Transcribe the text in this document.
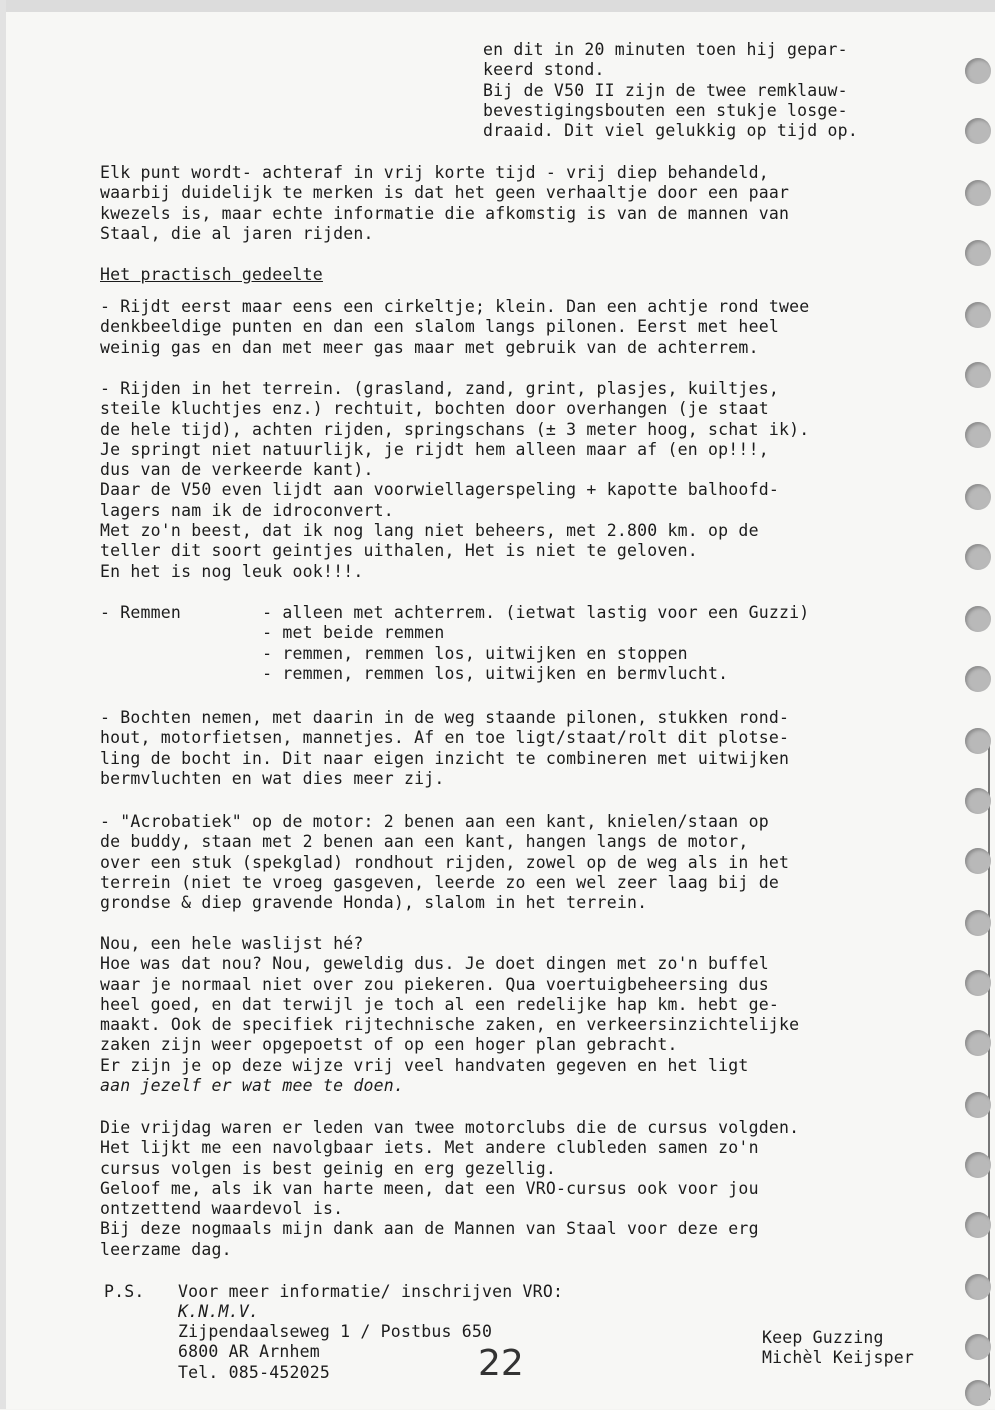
en dit in 20 minuten toen hij gepar-
keerd stond.
Bij de V50 II zijn de twee remklauw-
bevestigingsbouten een stukje losge-
draaid. Dit viel gelukkig op tijd op.

Elk punt wordt- achteraf in vrij korte tijd - vrij diep behandeld,
waarbij duidelijk te merken is dat het geen verhaaltje door een paar
kwezels is, maar echte informatie die afkomstig is van de mannen van
Staal, die al jaren rijden.

Het practisch gedeelte

- Rijdt eerst maar eens een cirkeltje; klein. Dan een achtje rond twee
denkbeeldige punten en dan een slalom langs pilonen. Eerst met heel
weinig gas en dan met meer gas maar met gebruik van de achterrem.

- Rijden in het terrein. (grasland, zand, grint, plasjes, kuiltjes,
steile kluchtjes enz.) rechtuit, bochten door overhangen (je staat
de hele tijd), achten rijden, springschans (± 3 meter hoog, schat ik).
Je springt niet natuurlijk, je rijdt hem alleen maar af (en op!!!,
dus van de verkeerde kant).
Daar de V50 even lijdt aan voorwiellagerspeling + kapotte balhoofd-
lagers nam ik de idroconvert.
Met zo'n beest, dat ik nog lang niet beheers, met 2.800 km. op de
teller dit soort geintjes uithalen, Het is niet te geloven.
En het is nog leuk ook!!!.

- Remmen        - alleen met achterrem. (ietwat lastig voor een Guzzi)
- met beide remmen
- remmen, remmen los, uitwijken en stoppen
- remmen, remmen los, uitwijken en bermvlucht.

- Bochten nemen, met daarin in de weg staande pilonen, stukken rond-
hout, motorfietsen, mannetjes. Af en toe ligt/staat/rolt dit plotse-
ling de bocht in. Dit naar eigen inzicht te combineren met uitwijken
bermvluchten en wat dies meer zij.

- "Acrobatiek" op de motor: 2 benen aan een kant, knielen/staan op
de buddy, staan met 2 benen aan een kant, hangen langs de motor,
over een stuk (spekglad) rondhout rijden, zowel op de weg als in het
terrein (niet te vroeg gasgeven, leerde zo een wel zeer laag bij de
grondse & diep gravende Honda), slalom in het terrein.

Nou, een hele waslijst hé?
Hoe was dat nou? Nou, geweldig dus. Je doet dingen met zo'n buffel
waar je normaal niet over zou piekeren. Qua voertuigbeheersing dus
heel goed, en dat terwijl je toch al een redelijke hap km. hebt ge-
maakt. Ook de specifiek rijtechnische zaken, en verkeersinzichtelijke
zaken zijn weer opgepoetst of op een hoger plan gebracht.
Er zijn je op deze wijze vrij veel handvaten gegeven en het ligt

aan jezelf er wat mee te doen.

Die vrijdag waren er leden van twee motorclubs die de cursus volgden.
Het lijkt me een navolgbaar iets. Met andere clubleden samen zo'n
cursus volgen is best geinig en erg gezellig.
Geloof me, als ik van harte meen, dat een VRO-cursus ook voor jou
ontzettend waardevol is.
Bij deze nogmaals mijn dank aan de Mannen van Staal voor deze erg
leerzame dag.

P.S. Voor meer informatie/ inschrijven VRO:

K.N.M.V.

Zijpendaalseweg 1 / Postbus 650
6800 AR Arnhem
Tel. 085-452025

Keep Guzzing
Michèl Keijsper

22
